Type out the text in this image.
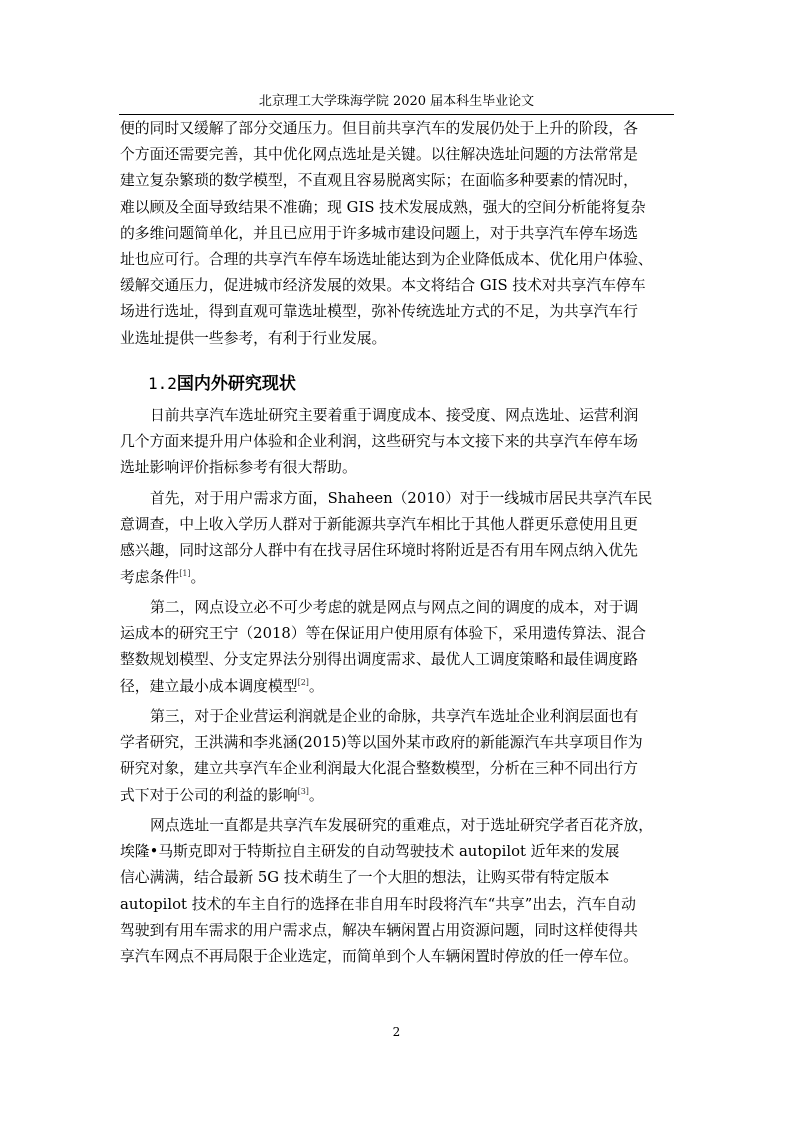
北京理工大学珠海学院 2020 届本科生毕业论文
便的同时又缓解了部分交通压力。但目前共享汽车的发展仍处于上升的阶段，各
个方面还需要完善，其中优化网点选址是关键。以往解决选址问题的方法常常是
建立复杂繁琐的数学模型，不直观且容易脱离实际；在面临多种要素的情况时，
难以顾及全面导致结果不准确；现 GIS 技术发展成熟，强大的空间分析能将复杂
的多维问题简单化，并且已应用于许多城市建设问题上，对于共享汽车停车场选
址也应可行。合理的共享汽车停车场选址能达到为企业降低成本、优化用户体验、
缓解交通压力，促进城市经济发展的效果。本文将结合 GIS 技术对共享汽车停车
场进行选址，得到直观可靠选址模型，弥补传统选址方式的不足，为共享汽车行
业选址提供一些参考，有利于行业发展。
1.2国内外研究现状
日前共享汽车选址研究主要着重于调度成本、接受度、网点选址、运营利润
几个方面来提升用户体验和企业利润，这些研究与本文接下来的共享汽车停车场
选址影响评价指标参考有很大帮助。
首先，对于用户需求方面，Shaheen（2010）对于一线城市居民共享汽车民
意调查，中上收入学历人群对于新能源共享汽车相比于其他人群更乐意使用且更
感兴趣，同时这部分人群中有在找寻居住环境时将附近是否有用车网点纳入优先
考虑条件[1]。
第二，网点设立必不可少考虑的就是网点与网点之间的调度的成本，对于调
运成本的研究王宁（2018）等在保证用户使用原有体验下，采用遗传算法、混合
整数规划模型、分支定界法分别得出调度需求、最优人工调度策略和最佳调度路
径，建立最小成本调度模型[2]。
第三，对于企业营运利润就是企业的命脉，共享汽车选址企业利润层面也有
学者研究，王洪满和李兆涵(2015)等以国外某市政府的新能源汽车共享项目作为
研究对象，建立共享汽车企业利润最大化混合整数模型，分析在三种不同出行方
式下对于公司的利益的影响[3]。
网点选址一直都是共享汽车发展研究的重难点，对于选址研究学者百花齐放，
埃隆•马斯克即对于特斯拉自主研发的自动驾驶技术 autopilot 近年来的发展
信心满满，结合最新 5G 技术萌生了一个大胆的想法，让购买带有特定版本
autopilot 技术的车主自行的选择在非自用车时段将汽车“共享”出去，汽车自动
驾驶到有用车需求的用户需求点，解决车辆闲置占用资源问题，同时这样使得共
享汽车网点不再局限于企业选定，而简单到个人车辆闲置时停放的任一停车位。
2
